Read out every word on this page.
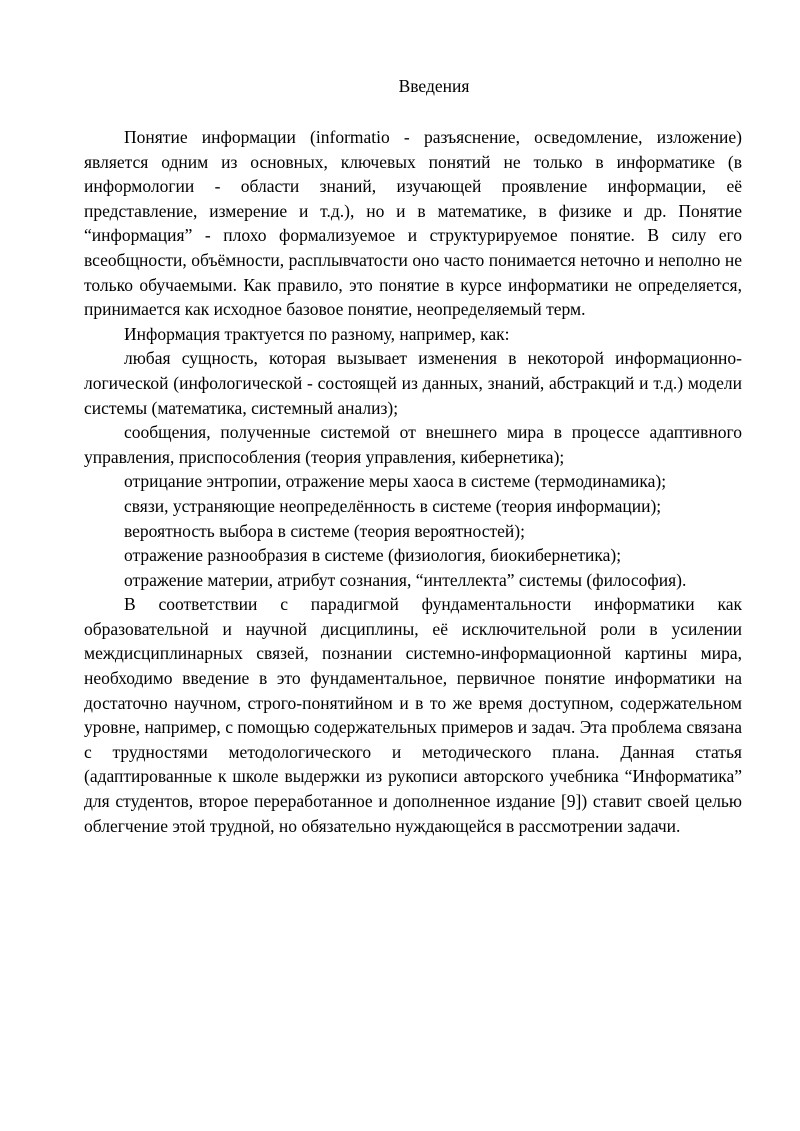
Введения

Понятие информации (informatio - разъяснение, осведомление, изложение) является одним из основных, ключевых понятий не только в информатике (в информологии - области знаний, изучающей проявление информации, её представление, измерение и т.д.), но и в математике, в физике и др. Понятие “информация” - плохо формализуемое и структурируемое понятие. В силу его всеобщности, объёмности, расплывчатости оно часто понимается неточно и неполно не только обучаемыми. Как правило, это понятие в курсе информатики не определяется, принимается как исходное базовое понятие, неопределяемый терм.

Информация трактуется по разному, например, как:

любая сущность, которая вызывает изменения в некоторой информационно-логической (инфологической - состоящей из данных, знаний, абстракций и т.д.) модели системы (математика, системный анализ);

сообщения, полученные системой от внешнего мира в процессе адаптивного управления, приспособления (теория управления, кибернетика);

отрицание энтропии, отражение меры хаоса в системе (термодинамика);

связи, устраняющие неопределённость в системе (теория информации);

вероятность выбора в системе (теория вероятностей);

отражение разнообразия в системе (физиология, биокибернетика);

отражение материи, атрибут сознания, “интеллекта” системы (философия).

В соответствии с парадигмой фундаментальности информатики как образовательной и научной дисциплины, её исключительной роли в усилении междисциплинарных связей, познании системно-информационной картины мира, необходимо введение в это фундаментальное, первичное понятие информатики на достаточно научном, строго-понятийном и в то же время доступном, содержательном уровне, например, с помощью содержательных примеров и задач. Эта проблема связана с трудностями методологического и методического плана. Данная статья (адаптированные к школе выдержки из рукописи авторского учебника “Информатика” для студентов, второе переработанное и дополненное издание [9]) ставит своей целью облегчение этой трудной, но обязательно нуждающейся в рассмотрении задачи.
